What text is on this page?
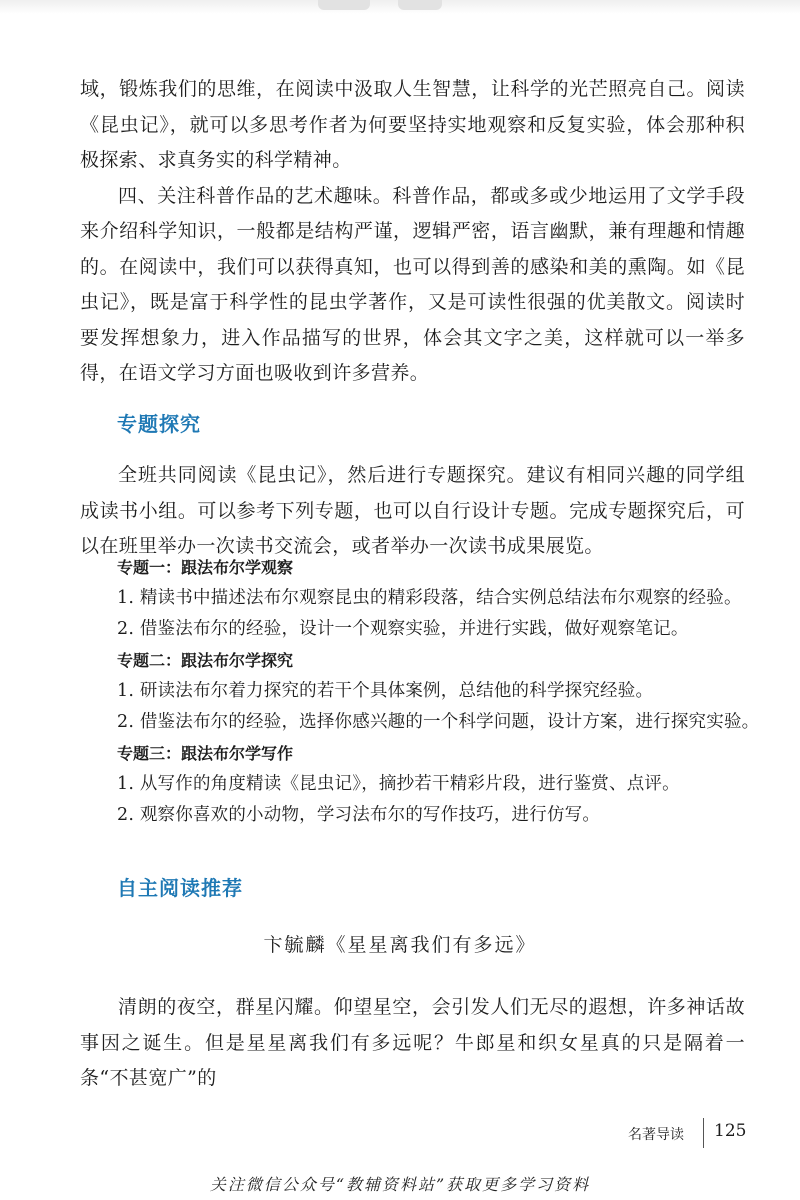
域，锻炼我们的思维，在阅读中汲取人生智慧，让科学的光芒照亮自己。阅读《昆虫记》，就可以多思考作者为何要坚持实地观察和反复实验，体会那种积极探索、求真务实的科学精神。

四、关注科普作品的艺术趣味。科普作品，都或多或少地运用了文学手段来介绍科学知识，一般都是结构严谨，逻辑严密，语言幽默，兼有理趣和情趣的。在阅读中，我们可以获得真知，也可以得到善的感染和美的熏陶。如《昆虫记》，既是富于科学性的昆虫学著作，又是可读性很强的优美散文。阅读时要发挥想象力，进入作品描写的世界，体会其文字之美，这样就可以一举多得，在语文学习方面也吸收到许多营养。

专题探究

全班共同阅读《昆虫记》，然后进行专题探究。建议有相同兴趣的同学组成读书小组。可以参考下列专题，也可以自行设计专题。完成专题探究后，可以在班里举办一次读书交流会，或者举办一次读书成果展览。

专题一：跟法布尔学观察
1. 精读书中描述法布尔观察昆虫的精彩段落，结合实例总结法布尔观察的经验。
2. 借鉴法布尔的经验，设计一个观察实验，并进行实践，做好观察笔记。
专题二：跟法布尔学探究
1. 研读法布尔着力探究的若干个具体案例，总结他的科学探究经验。
2. 借鉴法布尔的经验，选择你感兴趣的一个科学问题，设计方案，进行探究实验。
专题三：跟法布尔学写作
1. 从写作的角度精读《昆虫记》，摘抄若干精彩片段，进行鉴赏、点评。
2. 观察你喜欢的小动物，学习法布尔的写作技巧，进行仿写。
自主阅读推荐
卞毓麟《星星离我们有多远》

清朗的夜空，群星闪耀。仰望星空，会引发人们无尽的遐想，许多神话故事因之诞生。但是星星离我们有多远呢？牛郎星和织女星真的只是隔着一条“不甚宽广”的

名著导读 125
关注微信公众号“教辅资料站”获取更多学习资料
